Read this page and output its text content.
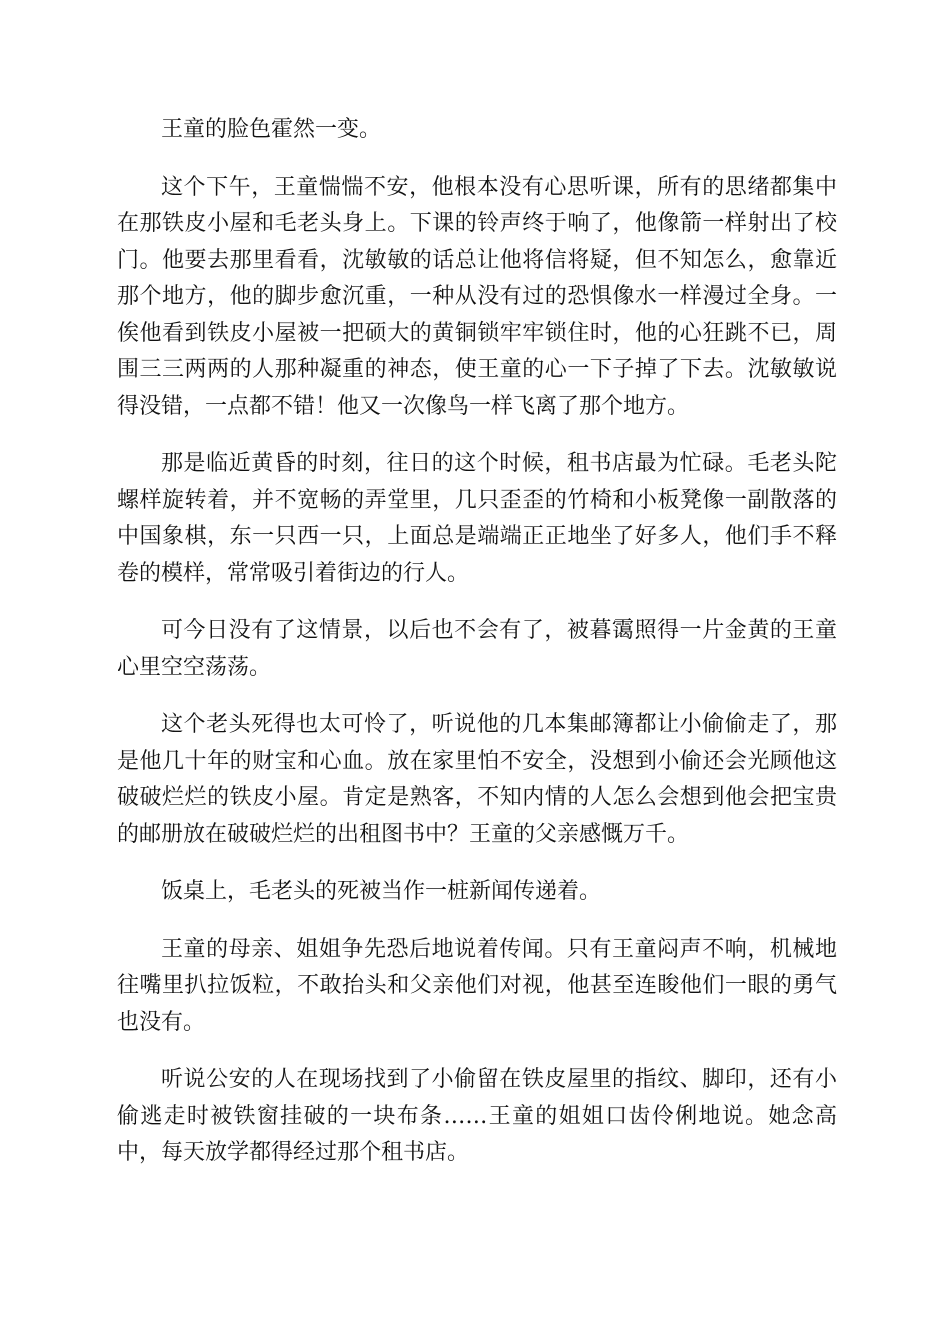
王童的脸色霍然一变。

这个下午，王童惴惴不安，他根本没有心思听课，所有的思绪都集中在那铁皮小屋和毛老头身上。下课的铃声终于响了，他像箭一样射出了校门。他要去那里看看，沈敏敏的话总让他将信将疑，但不知怎么，愈靠近那个地方，他的脚步愈沉重，一种从没有过的恐惧像水一样漫过全身。一俟他看到铁皮小屋被一把硕大的黄铜锁牢牢锁住时，他的心狂跳不已，周围三三两两的人那种凝重的神态，使王童的心一下子掉了下去。沈敏敏说得没错，一点都不错！他又一次像鸟一样飞离了那个地方。

那是临近黄昏的时刻，往日的这个时候，租书店最为忙碌。毛老头陀螺样旋转着，并不宽畅的弄堂里，几只歪歪的竹椅和小板凳像一副散落的中国象棋，东一只西一只，上面总是端端正正地坐了好多人，他们手不释卷的模样，常常吸引着街边的行人。

可今日没有了这情景，以后也不会有了，被暮霭照得一片金黄的王童心里空空荡荡。

这个老头死得也太可怜了，听说他的几本集邮簿都让小偷偷走了，那是他几十年的财宝和心血。放在家里怕不安全，没想到小偷还会光顾他这破破烂烂的铁皮小屋。肯定是熟客，不知内情的人怎么会想到他会把宝贵的邮册放在破破烂烂的出租图书中？王童的父亲感慨万千。

饭桌上，毛老头的死被当作一桩新闻传递着。

王童的母亲、姐姐争先恐后地说着传闻。只有王童闷声不响，机械地往嘴里扒拉饭粒，不敢抬头和父亲他们对视，他甚至连睃他们一眼的勇气也没有。

听说公安的人在现场找到了小偷留在铁皮屋里的指纹、脚印，还有小偷逃走时被铁窗挂破的一块布条……王童的姐姐口齿伶俐地说。她念高中，每天放学都得经过那个租书店。
